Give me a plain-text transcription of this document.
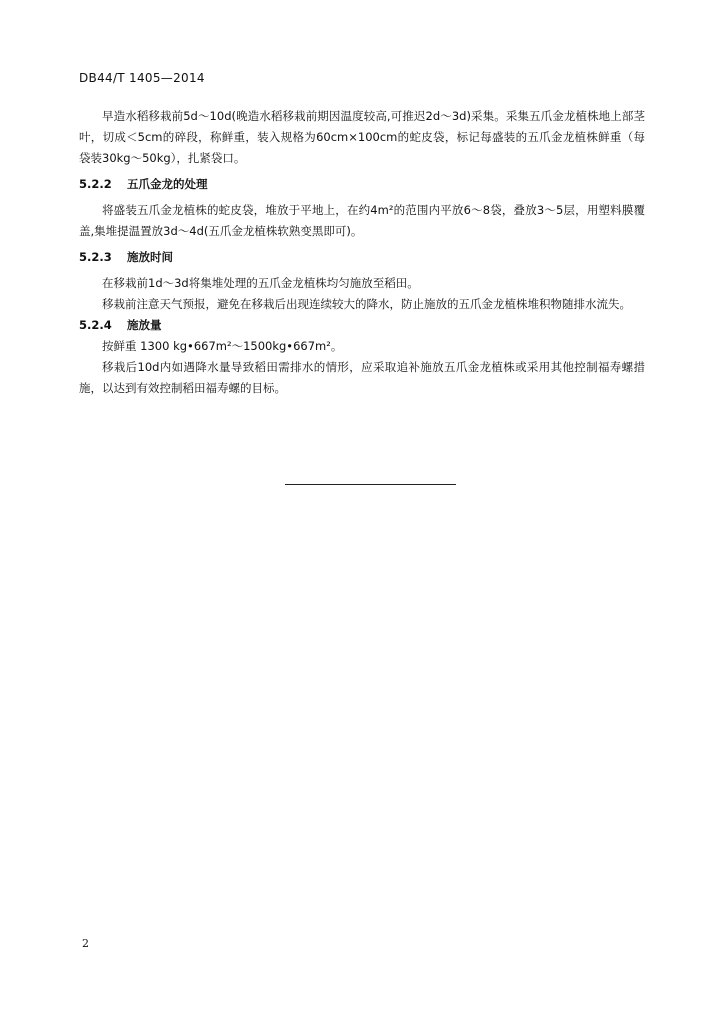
DB44/T 1405—2014

早造水稻移栽前5d～10d(晚造水稻移栽前期因温度较高,可推迟2d～3d)采集。采集五爪金龙植株地上部茎叶，切成＜5cm的碎段，称鲜重，装入规格为60cm×100cm的蛇皮袋，标记每盛装的五爪金龙植株鲜重（每袋装30kg～50kg），扎紧袋口。

5.2.2 五爪金龙的处理

将盛装五爪金龙植株的蛇皮袋，堆放于平地上，在约4m²的范围内平放6～8袋，叠放3～5层，用塑料膜覆盖,集堆提温置放3d～4d(五爪金龙植株软熟变黑即可)。

5.2.3 施放时间

在移栽前1d～3d将集堆处理的五爪金龙植株均匀施放至稻田。

移栽前注意天气预报，避免在移栽后出现连续较大的降水，防止施放的五爪金龙植株堆积物随排水流失。

5.2.4 施放量

按鲜重 1300 kg•667m²～1500kg•667m²。

移栽后10d内如遇降水量导致稻田需排水的情形，应采取追补施放五爪金龙植株或采用其他控制福寿螺措施，以达到有效控制稻田福寿螺的目标。

2
